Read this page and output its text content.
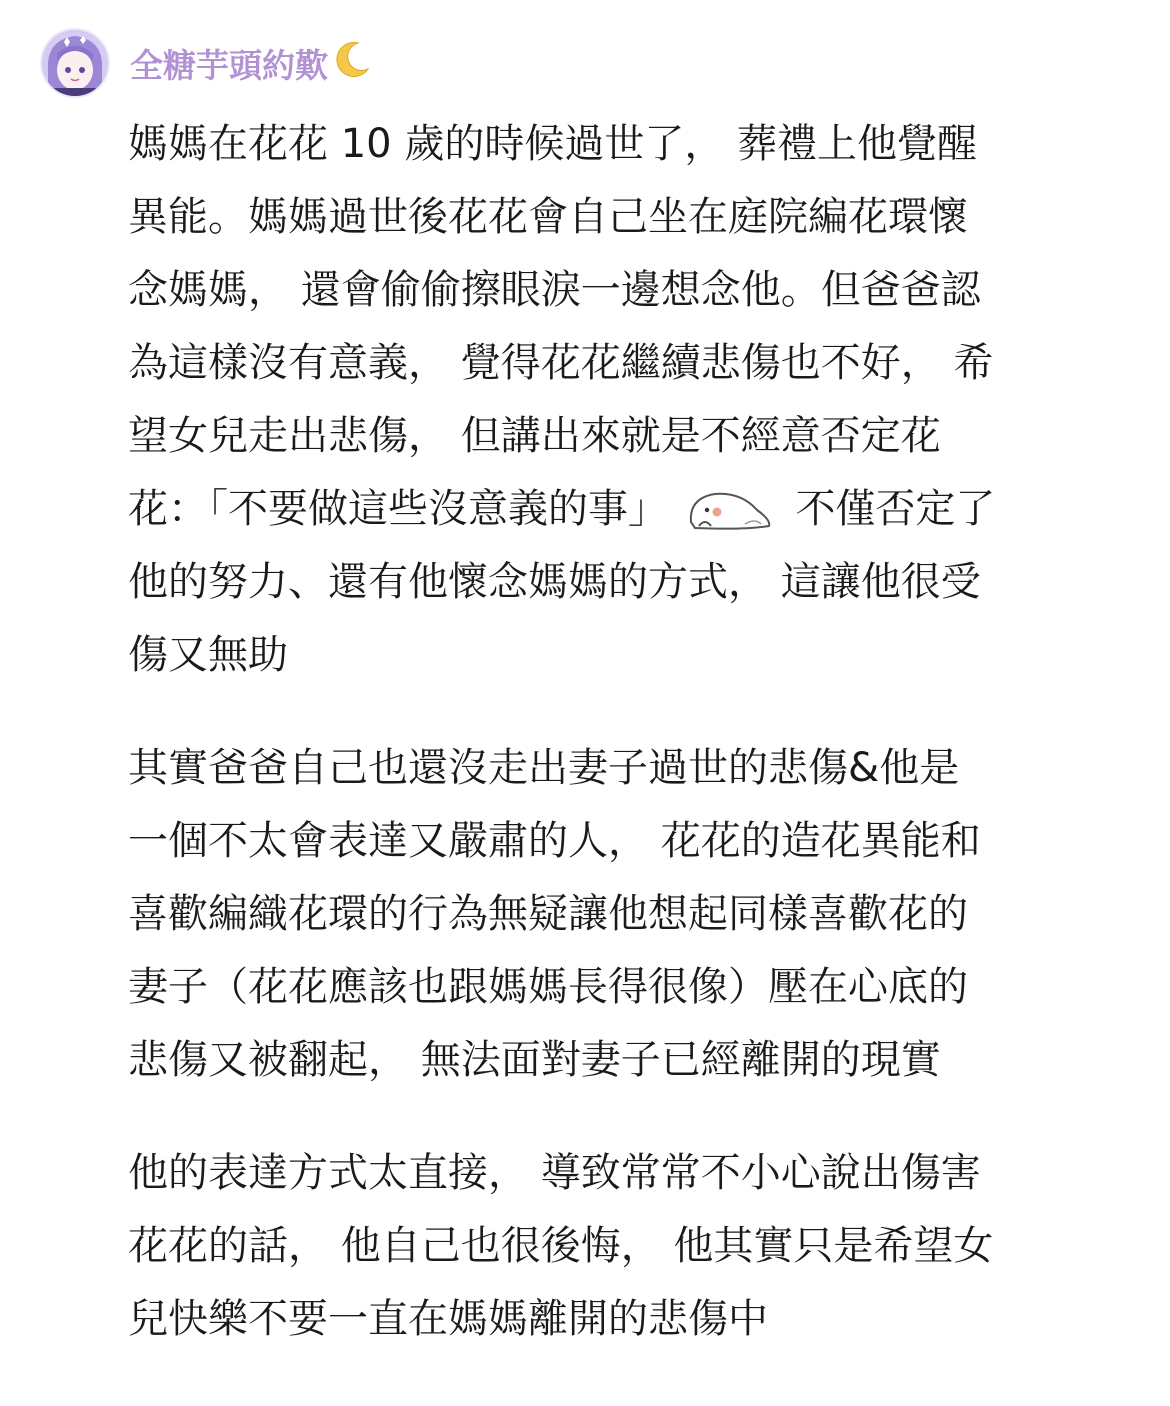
全糖芋頭約歎
媽媽在花花 10 歲的時候過世了， 葬禮上他覺醒
異能。媽媽過世後花花會自己坐在庭院編花環懷
念媽媽， 還會偷偷擦眼淚一邊想念他。但爸爸認
為這樣沒有意義， 覺得花花繼續悲傷也不好， 希
望女兒走出悲傷， 但講出來就是不經意否定花
花：「不要做這些沒意義的事」	不僅否定了
他的努力、還有他懷念媽媽的方式， 這讓他很受
傷又無助
其實爸爸自己也還沒走出妻子過世的悲傷&他是
一個不太會表達又嚴肅的人， 花花的造花異能和
喜歡編織花環的行為無疑讓他想起同樣喜歡花的
妻子（花花應該也跟媽媽長得很像）壓在心底的
悲傷又被翻起， 無法面對妻子已經離開的現實
他的表達方式太直接， 導致常常不小心說出傷害
花花的話， 他自己也很後悔， 他其實只是希望女
兒快樂不要一直在媽媽離開的悲傷中
